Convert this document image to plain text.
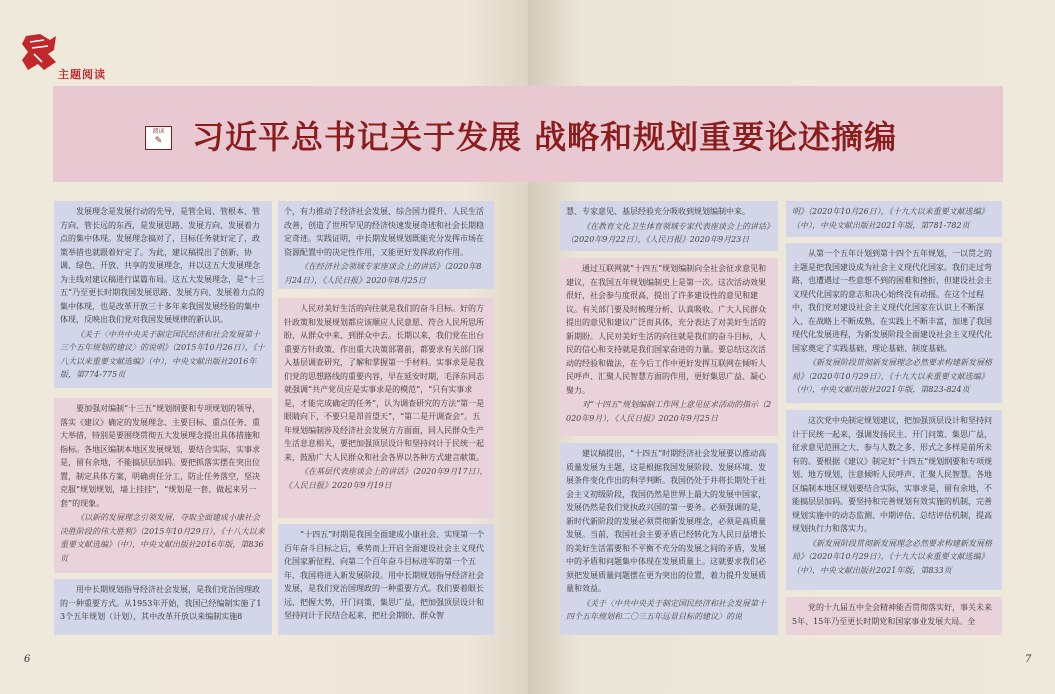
主题阅读
阅读
✎ 习近平总书记关于发展 战略和规划重要论述摘编

发展理念是发展行动的先导，是管全局、管根本、管方向、管长远的东西，是发展思路、发展方向、发展着力点的集中体现。发展理念搞对了，目标任务就好定了，政策举措也就跟着好定了。为此，建议稿提出了创新、协调、绿色、开放、共享的发展理念，并以这五大发展理念为主线对建议稿进行谋篇布局。这五大发展理念，是“十三五”乃至更长时期我国发展思路、发展方向、发展着力点的集中体现，也是改革开放三十多年来我国发展经验的集中体现，反映出我们党对我国发展规律的新认识。

《关于〈中共中央关于制定国民经济和社会发展第十三个五年规划的建议〉的说明》（2015年10月26日），《十八大以来重要文献选编》（中），中央文献出版社2016年版，第774-775页

要加强对编制“十三五”规划纲要和专项规划的领导，落实《建议》确定的发展理念、主要目标、重点任务、重大举措，特别是要围绕贯彻五大发展理念提出具体措施和指标。各地区编制本地区发展规划，要结合实际，实事求是，留有余地，不能搞层层加码。要把抓落实摆在突出位置，制定具体方案，明确责任分工，防止任务落空，坚决克服“规划规划，墙上挂挂”，“规划是一套、做起来另一套”的现象。

《以新的发展理念引领发展，夺取全面建成小康社会决胜阶段的伟大胜利》（2015年10月29日），《十八大以来重要文献选编》（中），中央文献出版社2016年版，第836页

用中长期规划指导经济社会发展，是我们党治国理政的一种重要方式。从1953年开始，我国已经编制实施了13个五年规划（计划），其中改革开放以来编制实施8

个，有力推动了经济社会发展、综合国力提升、人民生活改善，创造了世所罕见的经济快速发展奇迹和社会长期稳定奇迹。实践证明，中长期发展规划既能充分发挥市场在资源配置中的决定性作用，又能更好发挥政府作用。

《在经济社会领域专家座谈会上的讲话》（2020年8月24日），《人民日报》2020年8月25日

人民对美好生活的向往就是我们的奋斗目标。好的方针政策和发展规划都应该顺应人民意愿、符合人民所思所盼，从群众中来、到群众中去。长期以来，我们党在出台重要方针政策、作出重大决策部署前，都要求有关部门深入基层调查研究，了解和掌握第一手材料。实事求是是我们党的思想路线的重要内容，早在延安时期，毛泽东同志就强调“共产党员应是实事求是的模范”，“只有实事求是，才能完成确定的任务”，认为调查研究的方法“第一是眼睛向下，不要只是昂首望天”，“第二是开调查会”。五年规划编制涉及经济社会发展方方面面，同人民群众生产生活息息相关，要把加强顶层设计和坚持问计于民统一起来，鼓励广大人民群众和社会各界以各种方式建言献策。

《在基层代表座谈会上的讲话》（2020年9月17日），《人民日报》2020年9月19日

“十四五”时期是我国全面建成小康社会、实现第一个百年奋斗目标之后，乘势而上开启全面建设社会主义现代化国家新征程、向第二个百年奋斗目标进军的第一个五年，我国将进入新发展阶段。用中长期规划指导经济社会发展，是我们党治国理政的一种重要方式。我们要着眼长远、把握大势，开门问策、集思广益，把加强顶层设计和坚持问计于民结合起来，把社会期盼、群众智

慧、专家意见、基层经验充分吸收到规划编制中来。

《在教育文化卫生体育领域专家代表座谈会上的讲话》（2020年9月22日），《人民日报》2020年9月23日

通过互联网就“十四五”规划编制向全社会征求意见和建议，在我国五年规划编制史上是第一次。这次活动效果很好，社会参与度很高，提出了许多建设性的意见和建议。有关部门要及时梳理分析、认真吸收。广大人民群众提出的意见和建议广泛而具体，充分表达了对美好生活的新期盼。人民对美好生活的向往就是我们的奋斗目标，人民的信心和支持就是我们国家奋进的力量。要总结这次活动的经验和做法，在今后工作中更好发挥互联网在倾听人民呼声、汇聚人民智慧方面的作用，更好集思广益、凝心聚力。

对“十四五”规划编制工作网上意见征求活动的指示（2020年9月），《人民日报》2020年9月25日

建议稿提出，“十四五”时期经济社会发展要以推动高质量发展为主题，这是根据我国发展阶段、发展环境、发展条件变化作出的科学判断。我国仍处于并将长期处于社会主义初级阶段，我国仍然是世界上最大的发展中国家，发展仍然是我们党执政兴国的第一要务。必须强调的是，新时代新阶段的发展必须贯彻新发展理念，必须是高质量发展。当前，我国社会主要矛盾已经转化为人民日益增长的美好生活需要和不平衡不充分的发展之间的矛盾，发展中的矛盾和问题集中体现在发展质量上。这就要求我们必须把发展质量问题摆在更为突出的位置，着力提升发展质量和效益。

《关于〈中共中央关于制定国民经济和社会发展第十四个五年规划和二〇三五年远景目标的建议〉的说

明》（2020年10月26日），《十九大以来重要文献选编》（中），中央文献出版社2021年版，第781-782页

从第一个五年计划到第十四个五年规划，一以贯之的主题是把我国建设成为社会主义现代化国家。我们走过弯路，也遭遇过一些意想不到的困难和挫折，但建设社会主义现代化国家的意志和决心始终没有动摇。在这个过程中，我们党对建设社会主义现代化国家在认识上不断深入、在战略上不断成熟、在实践上不断丰富，加速了我国现代化发展进程，为新发展阶段全面建设社会主义现代化国家奠定了实践基础、理论基础、制度基础。

《新发展阶段贯彻新发展理念必然要求构建新发展格局》（2020年10月29日），《十九大以来重要文献选编》（中），中央文献出版社2021年版，第823-824页

这次党中央制定规划建议，把加强顶层设计和坚持问计于民统一起来，强调发扬民主、开门问策、集思广益，征求意见范围之大、参与人数之多、形式之多样是前所未有的。要根据《建议》制定好“十四五”规划纲要和专项规划、地方规划，注意倾听人民呼声、汇聚人民智慧。各地区编制本地区规划要结合实际，实事求是，留有余地，不能搞层层加码。要坚持和完善规划有效实施的机制，完善规划实施中的动态监测、中期评估、总结评估机制，提高规划执行力和落实力。

《新发展阶段贯彻新发展理念必然要求构建新发展格局》（2020年10月29日），《十九大以来重要文献选编》（中），中央文献出版社2021年版，第833页

党的十九届五中全会精神能否贯彻落实好，事关未来5年、15年乃至更长时期党和国家事业发展大局。全

6	7
